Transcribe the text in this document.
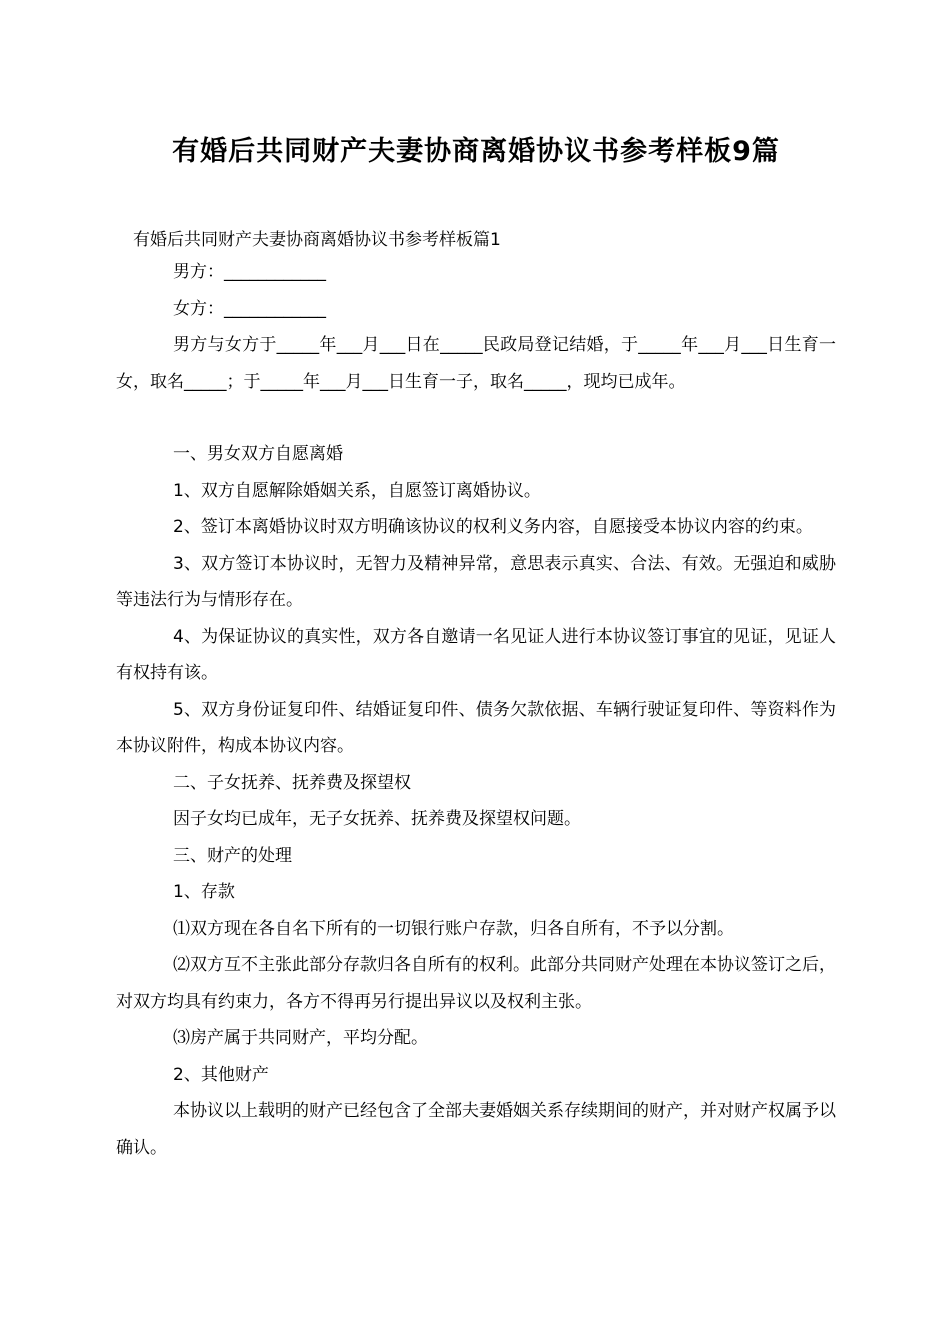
有婚后共同财产夫妻协商离婚协议书参考样板9篇
有婚后共同财产夫妻协商离婚协议书参考样板篇1

男方：____________

女方：____________

男方与女方于_____年___月___日在_____民政局登记结婚，于_____年___月___日生育一女，取名_____；于_____年___月___日生育一子，取名_____，现均已成年。

一、男女双方自愿离婚

1、双方自愿解除婚姻关系，自愿签订离婚协议。

2、签订本离婚协议时双方明确该协议的权利义务内容，自愿接受本协议内容的约束。

3、双方签订本协议时，无智力及精神异常，意思表示真实、合法、有效。无强迫和威胁等违法行为与情形存在。

4、为保证协议的真实性，双方各自邀请一名见证人进行本协议签订事宜的见证，见证人有权持有该。

5、双方身份证复印件、结婚证复印件、债务欠款依据、车辆行驶证复印件、等资料作为本协议附件，构成本协议内容。

二、子女抚养、抚养费及探望权

因子女均已成年，无子女抚养、抚养费及探望权问题。

三、财产的处理

1、存款

⑴双方现在各自名下所有的一切银行账户存款，归各自所有，不予以分割。

⑵双方互不主张此部分存款归各自所有的权利。此部分共同财产处理在本协议签订之后，对双方均具有约束力，各方不得再另行提出异议以及权利主张。

⑶房产属于共同财产，平均分配。

2、其他财产

本协议以上载明的财产已经包含了全部夫妻婚姻关系存续期间的财产，并对财产权属予以确认。
